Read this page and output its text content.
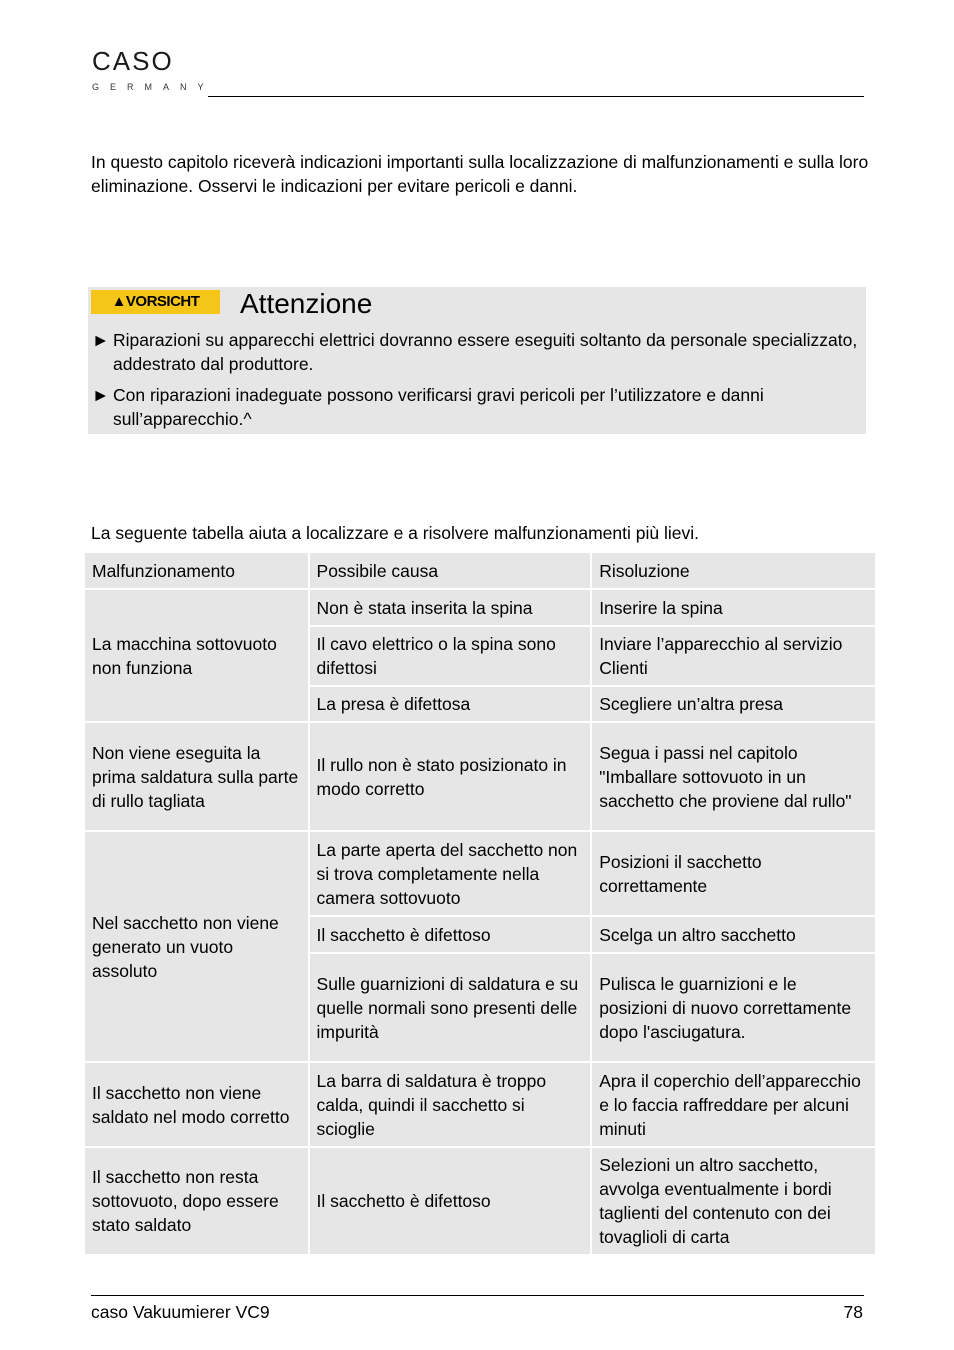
CASO
GERMANY
In questo capitolo riceverà indicazioni importanti sulla localizzazione di malfunzionamenti e sulla loro eliminazione. Osservi le indicazioni per evitare pericoli e danni.
▲VORSICHT	Attenzione
► Riparazioni su apparecchi elettrici dovranno essere eseguiti soltanto da personale specializzato, addestrato dal produttore.
► Con riparazioni inadeguate possono verificarsi gravi pericoli per l’utilizzatore e danni sull’apparecchio.^
La seguente tabella aiuta a localizzare e a risolvere malfunzionamenti più lievi.
Malfunzionamento	Possibile causa	Risoluzione
La macchina sottovuoto non funziona	Non è stata inserita la spina	Inserire la spina
	Il cavo elettrico o la spina sono difettosi	Inviare l’apparecchio al servizio Clienti
	La presa è difettosa	Scegliere un’altra presa
Non viene eseguita la prima saldatura sulla parte di rullo tagliata	Il rullo non è stato posizionato in modo corretto	Segua i passi nel capitolo "Imballare sottovuoto in un sacchetto che proviene dal rullo"
Nel sacchetto non viene generato un vuoto assoluto	La parte aperta del sacchetto non si trova completamente nella camera sottovuoto	Posizioni il sacchetto correttamente
	Il sacchetto è difettoso	Scelga un altro sacchetto
	Sulle guarnizioni di saldatura e su quelle normali sono presenti delle impurità	Pulisca le guarnizioni e le posizioni di nuovo correttamente dopo l'asciugatura.
Il sacchetto non viene saldato nel modo corretto	La barra di saldatura è troppo calda, quindi il sacchetto si scioglie	Apra il coperchio dell’apparecchio e lo faccia raffreddare per alcuni minuti
Il sacchetto non resta sottovuoto, dopo essere stato saldato	Il sacchetto è difettoso	Selezioni un altro sacchetto, avvolga eventualmente i bordi taglienti del contenuto con dei tovaglioli di carta
caso Vakuumierer VC9	78
